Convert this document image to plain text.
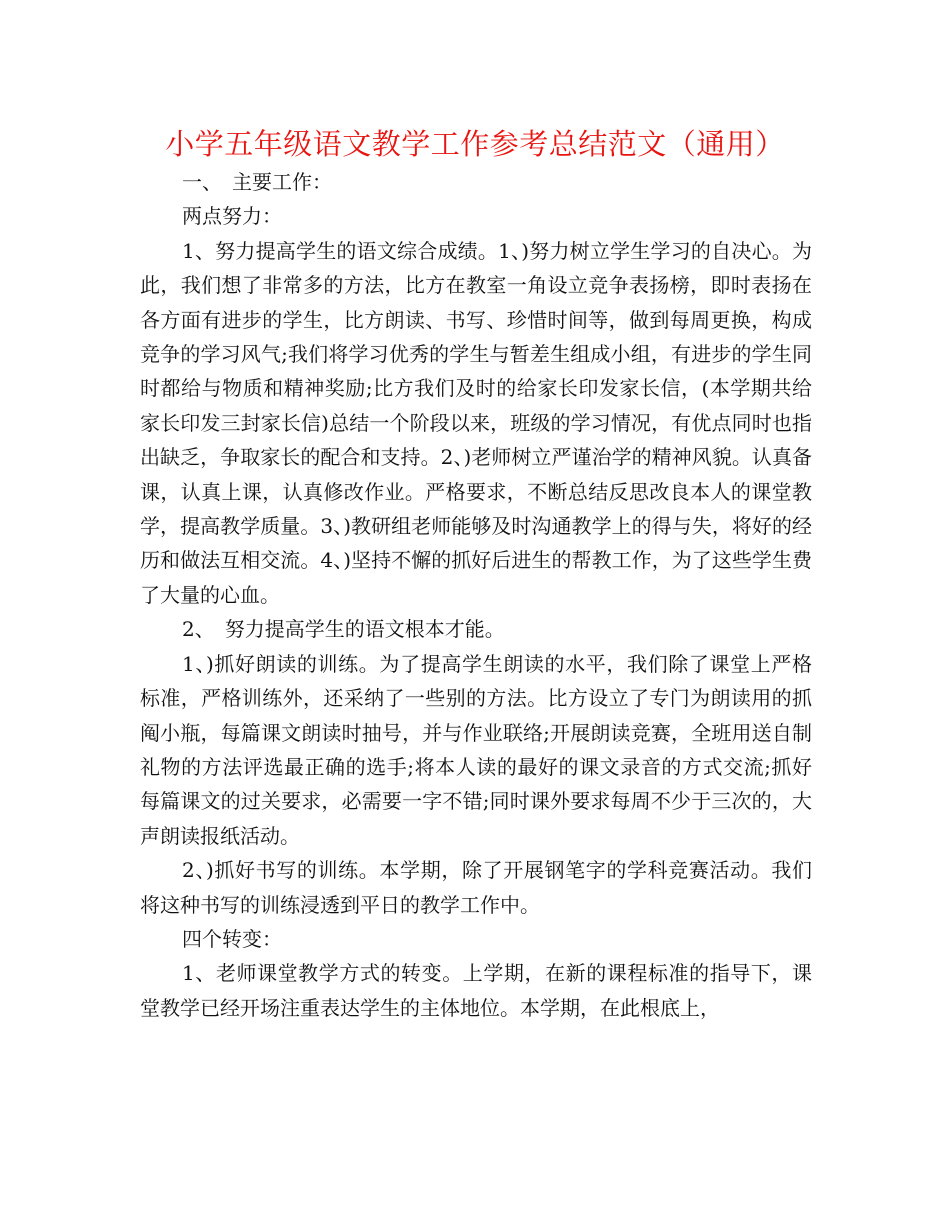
小学五年级语文教学工作参考总结范文（通用）

一、　主要工作：

两点努力：

1、努力提高学生的语文综合成绩。1、)努力树立学生学习的自决心。为此，我们想了非常多的方法，比方在教室一角设立竞争表扬榜，即时表扬在各方面有进步的学生，比方朗读、书写、珍惜时间等，做到每周更换，构成竞争的学习风气;我们将学习优秀的学生与暂差生组成小组，有进步的学生同时都给与物质和精神奖励;比方我们及时的给家长印发家长信，(本学期共给家长印发三封家长信)总结一个阶段以来，班级的学习情况，有优点同时也指出缺乏，争取家长的配合和支持。2、)老师树立严谨治学的精神风貌。认真备课，认真上课，认真修改作业。严格要求，不断总结反思改良本人的课堂教学，提高教学质量。3、)教研组老师能够及时沟通教学上的得与失，将好的经历和做法互相交流。4、)坚持不懈的抓好后进生的帮教工作，为了这些学生费了大量的心血。

2、　努力提高学生的语文根本才能。

1、)抓好朗读的训练。为了提高学生朗读的水平，我们除了课堂上严格标准，严格训练外，还采纳了一些别的方法。比方设立了专门为朗读用的抓阄小瓶，每篇课文朗读时抽号，并与作业联络;开展朗读竞赛，全班用送自制礼物的方法评选最正确的选手;将本人读的最好的课文录音的方式交流;抓好每篇课文的过关要求，必需要一字不错;同时课外要求每周不少于三次的，大声朗读报纸活动。

2、)抓好书写的训练。本学期，除了开展钢笔字的学科竞赛活动。我们将这种书写的训练浸透到平日的教学工作中。

四个转变：

1、老师课堂教学方式的转变。上学期，在新的课程标准的指导下，课堂教学已经开场注重表达学生的主体地位。本学期，在此根底上，
